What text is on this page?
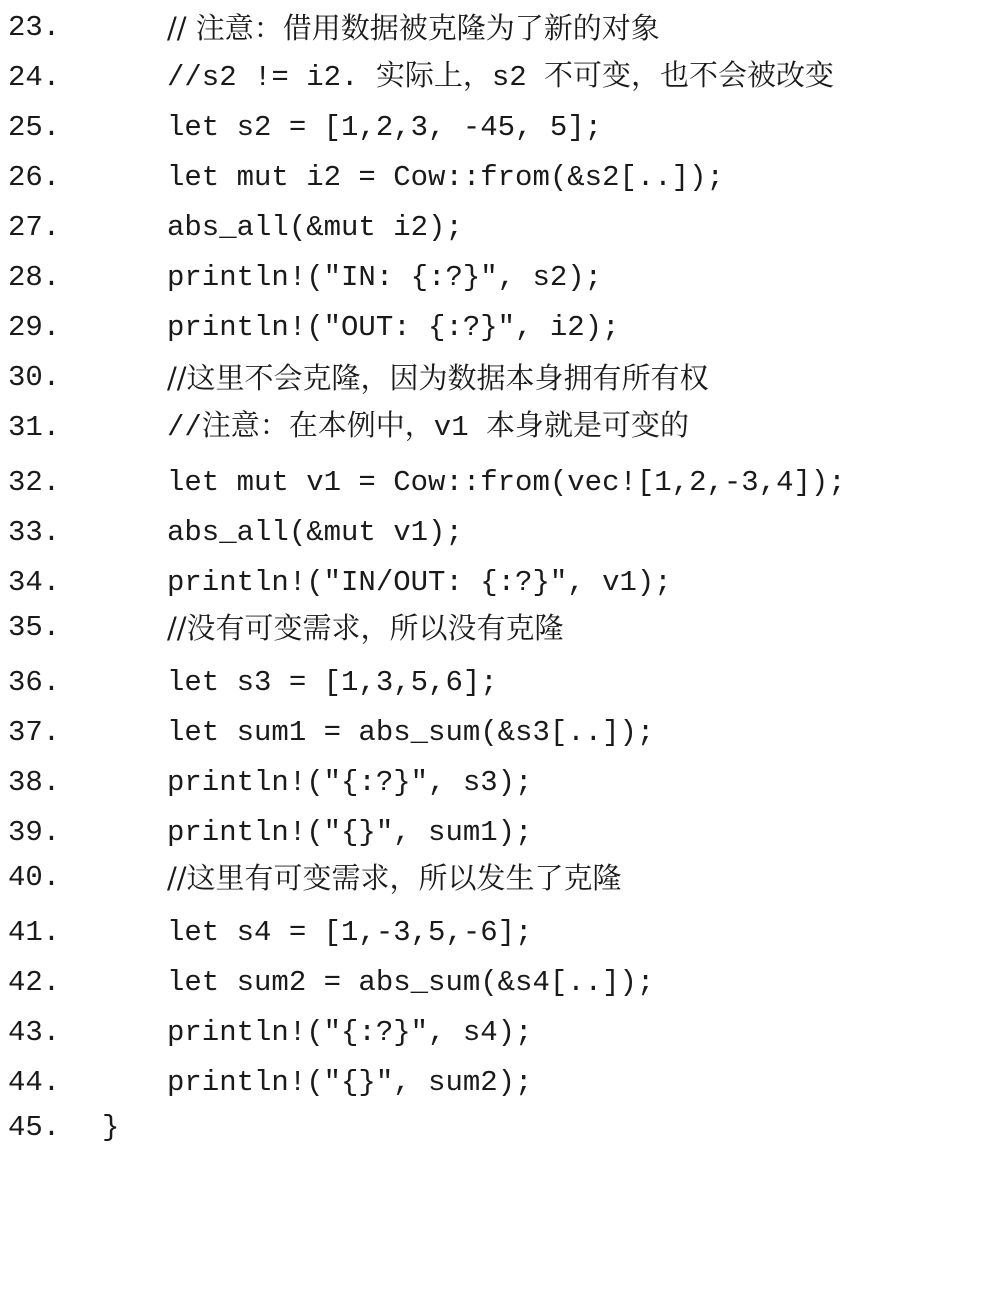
23.

	// 注意：借用数据被克隆为了新的对象

24.

	//s2 != i2. 实际上，s2 不可变，也不会被改变

25.

	let s2 = [1,2,3, -45, 5];

26.

	let mut i2 = Cow::from(&s2[..]);

27.

	abs_all(&mut i2);

28.

	println!("IN: {:?}", s2);

29.

	println!("OUT: {:?}", i2);

30.

	//这里不会克隆，因为数据本身拥有所有权

31.

	//注意：在本例中，v1 本身就是可变的

32.

	let mut v1 = Cow::from(vec![1,2,-3,4]);

33.

	abs_all(&mut v1);

34.

	println!("IN/OUT: {:?}", v1);

35.

	//没有可变需求，所以没有克隆

36.

	let s3 = [1,3,5,6];

37.

	let sum1 = abs_sum(&s3[..]);

38.

	println!("{:?}", s3);

39.

	println!("{}", sum1);

40.

	//这里有可变需求，所以发生了克隆

41.

	let s4 = [1,-3,5,-6];

42.

	let sum2 = abs_sum(&s4[..]);

43.

	println!("{:?}", s4);

44.

	println!("{}", sum2);

45.

}
